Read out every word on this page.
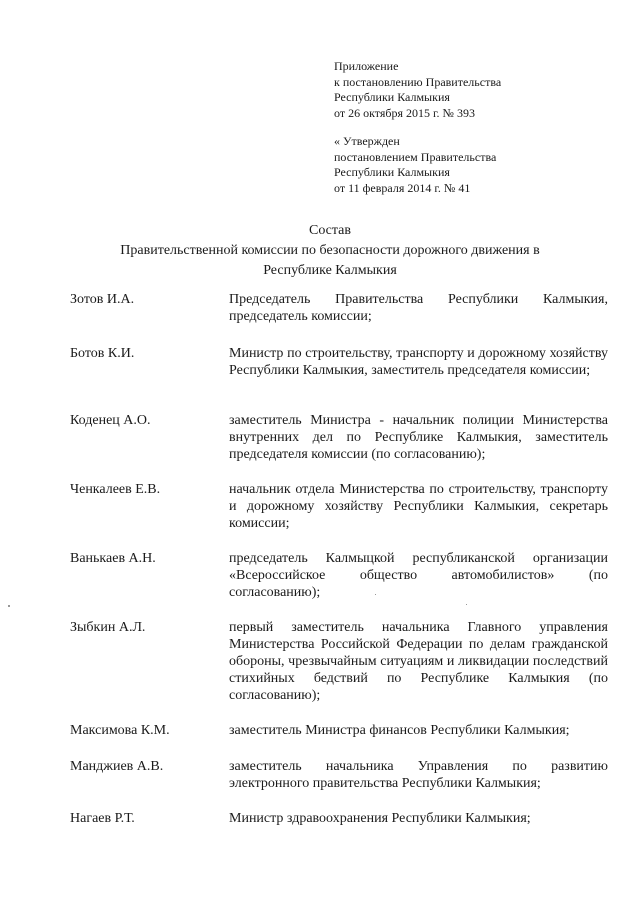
Приложение
к постановлению Правительства
Республики Калмыкия
от 26 октября 2015 г. № 393
« Утвержден
постановлением Правительства
Республики Калмыкия
от 11 февраля 2014 г. № 41
Состав
Правительственной комиссии по безопасности дорожного движения в
Республике Калмыкия
Зотов И.А.	Председатель Правительства Республики Калмыкия, председатель комиссии;

Ботов К.И.	Министр по строительству, транспорту и дорожному хозяйству Республики Калмыкия, заместитель председателя комиссии;

Коденец А.О.	заместитель Министра - начальник полиции Министерства внутренних дел по Республике Калмыкия, заместитель председателя комиссии (по согласованию);

Ченкалеев Е.В.	начальник отдела Министерства по строительству, транспорту и дорожному хозяйству Республики Калмыкия, секретарь комиссии;

Ванькаев А.Н.	председатель Калмыцкой республиканской организации «Всероссийское общество автомобилистов» (по согласованию);

Зыбкин А.Л.	первый заместитель начальника Главного управления Министерства Российской Федерации по делам гражданской обороны, чрезвычайным ситуациям и ликвидации последствий стихийных бедствий по Республике Калмыкия (по согласованию);

Максимова К.М.	заместитель Министра финансов Республики Калмыкия;

Манджиев А.В.	заместитель начальника Управления по развитию электронного правительства Республики Калмыкия;

Нагаев Р.Т.	Министр здравоохранения Республики Калмыкия;
